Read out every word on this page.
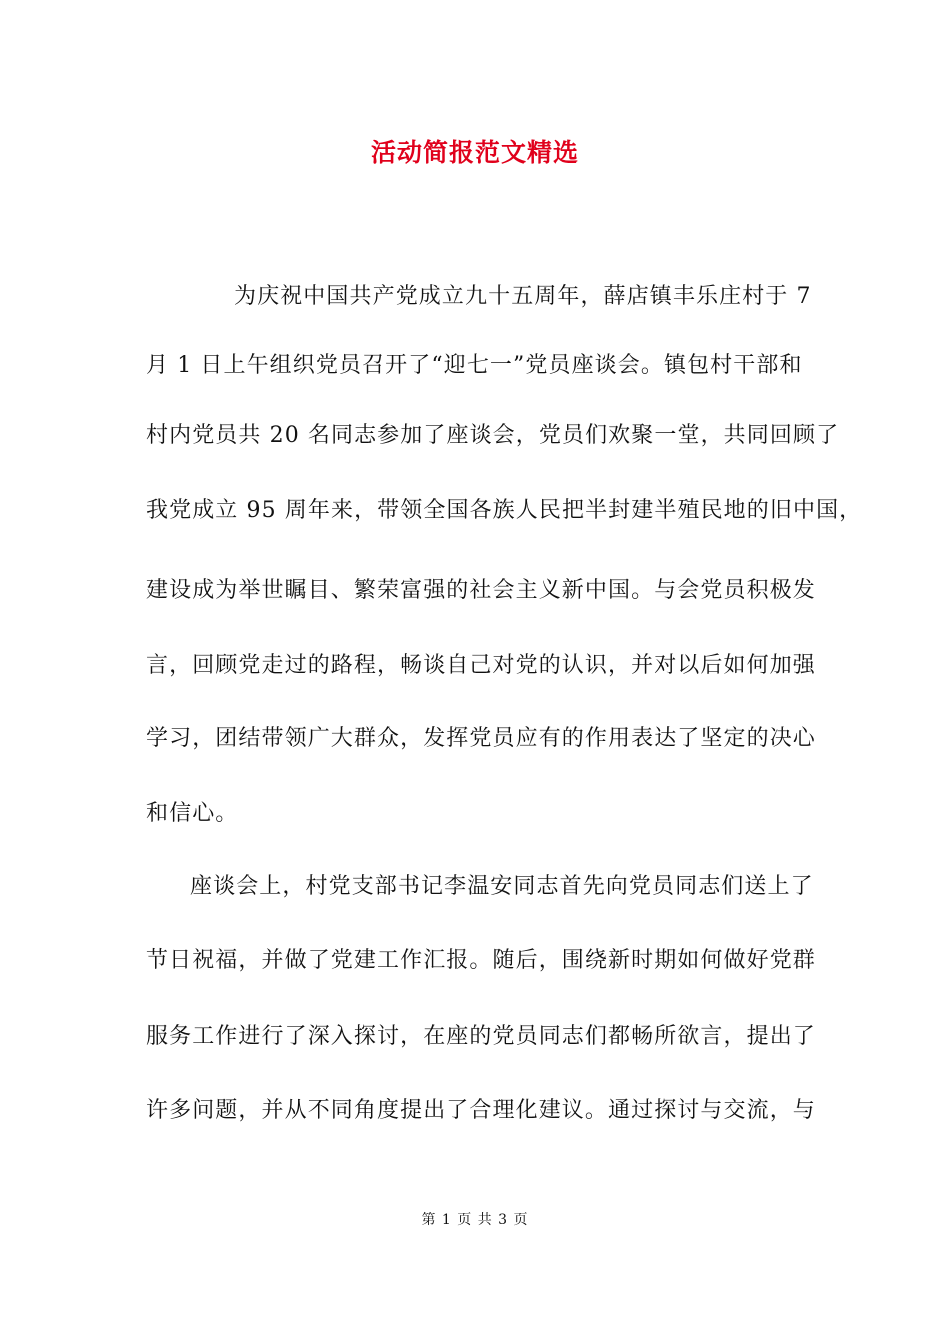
活动简报范文精选
为庆祝中国共产党成立九十五周年，薛店镇丰乐庄村于 7
月 1 日上午组织党员召开了“迎七一”党员座谈会。镇包村干部和
村内党员共 20 名同志参加了座谈会，党员们欢聚一堂，共同回顾了
我党成立 95 周年来，带领全国各族人民把半封建半殖民地的旧中国，
建设成为举世瞩目、繁荣富强的社会主义新中国。与会党员积极发
言，回顾党走过的路程，畅谈自己对党的认识，并对以后如何加强
学习，团结带领广大群众，发挥党员应有的作用表达了坚定的决心
和信心。
座谈会上，村党支部书记李温安同志首先向党员同志们送上了
节日祝福，并做了党建工作汇报。随后，围绕新时期如何做好党群
服务工作进行了深入探讨，在座的党员同志们都畅所欲言，提出了
许多问题，并从不同角度提出了合理化建议。通过探讨与交流，与
第 1 页 共 3 页
